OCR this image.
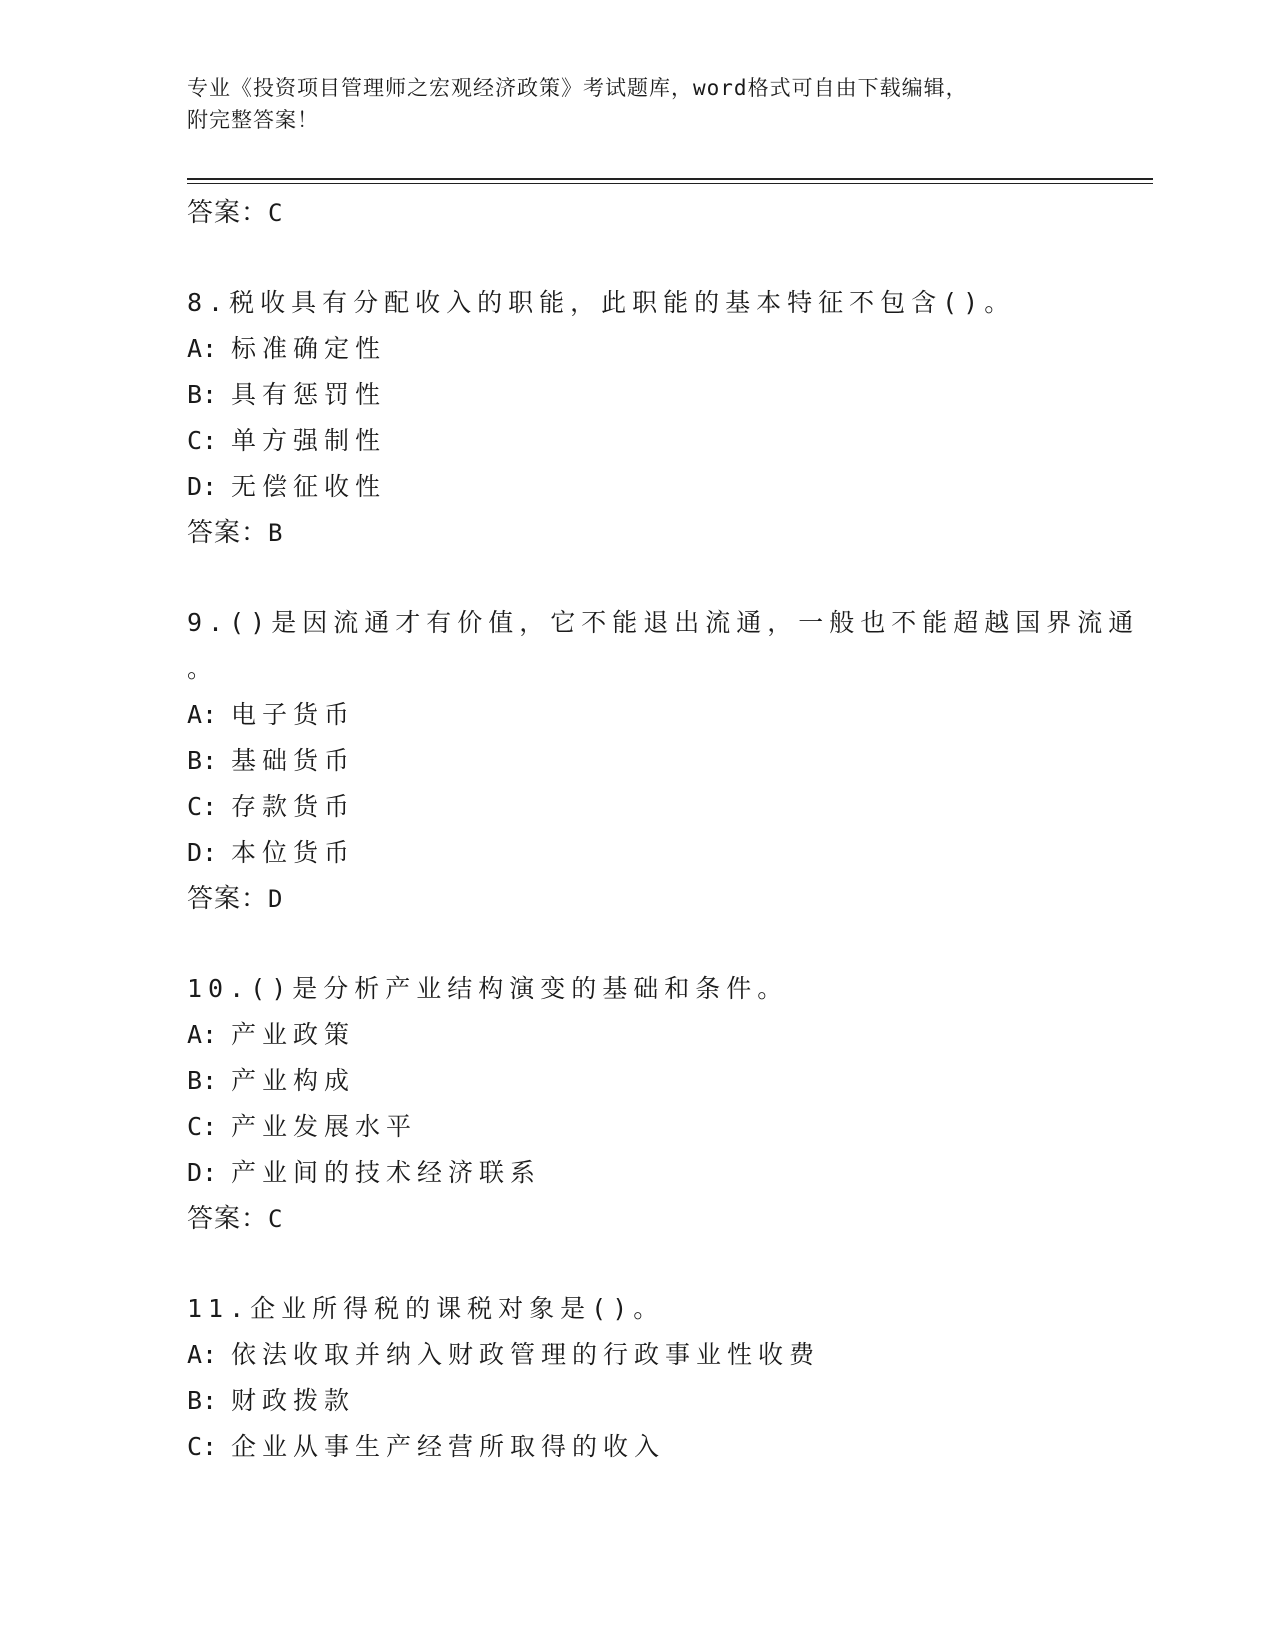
专业《投资项目管理师之宏观经济政策》考试题库，word格式可自由下载编辑，
附完整答案！
答案：C
8.税收具有分配收入的职能，此职能的基本特征不包含()。
A: 标准确定性
B: 具有惩罚性
C: 单方强制性
D: 无偿征收性
答案：B
9.()是因流通才有价值，它不能退出流通，一般也不能超越国界流通
。
A: 电子货币
B: 基础货币
C: 存款货币
D: 本位货币
答案：D
10.()是分析产业结构演变的基础和条件。
A: 产业政策
B: 产业构成
C: 产业发展水平
D: 产业间的技术经济联系
答案：C
11.企业所得税的课税对象是()。
A: 依法收取并纳入财政管理的行政事业性收费
B: 财政拨款
C: 企业从事生产经营所取得的收入
